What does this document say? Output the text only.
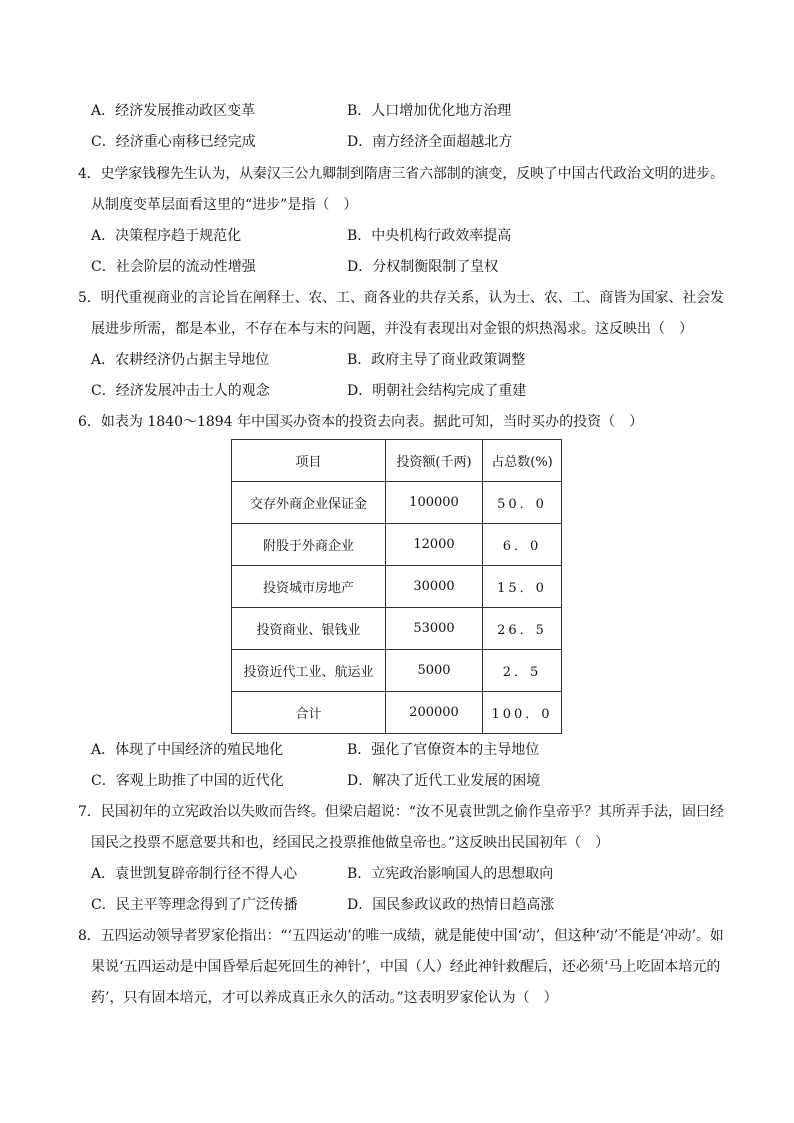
A．经济发展推动政区变革	B．人口增加优化地方治理
C．经济重心南移已经完成	D．南方经济全面超越北方
4．史学家钱穆先生认为，从秦汉三公九卿制到隋唐三省六部制的演变，反映了中国古代政治文明的进步。
从制度变革层面看这里的“进步”是指（　）
A．决策程序趋于规范化	B．中央机构行政效率提高
C．社会阶层的流动性增强	D．分权制衡限制了皇权
5．明代重视商业的言论旨在阐释士、农、工、商各业的共存关系，认为士、农、工、商皆为国家、社会发
展进步所需，都是本业，不存在本与末的问题，并没有表现出对金银的炽热渴求。这反映出（　）
A．农耕经济仍占据主导地位	B．政府主导了商业政策调整
C．经济发展冲击士人的观念	D．明朝社会结构完成了重建
6．如表为 1840～1894 年中国买办资本的投资去向表。据此可知，当时买办的投资（　）
项目	投资额(千两)	占总数(%)
交存外商企业保证金	100000	50．0
附股于外商企业	12000	6．0
投资城市房地产	30000	15．0
投资商业、银钱业	53000	26．5
投资近代工业、航运业	5000	2．5
合计	200000	100．0
A．体现了中国经济的殖民地化	B．强化了官僚资本的主导地位
C．客观上助推了中国的近代化	D．解决了近代工业发展的困境
7．民国初年的立宪政治以失败而告终。但梁启超说：“汝不见袁世凯之偷作皇帝乎？其所弄手法，固曰经
国民之投票不愿意要共和也，经国民之投票推他做皇帝也。”这反映出民国初年（　）
A．袁世凯复辟帝制行径不得人心	B．立宪政治影响国人的思想取向
C．民主平等理念得到了广泛传播	D．国民参政议政的热情日趋高涨
8．五四运动领导者罗家伦指出：“‘五四运动’的唯一成绩，就是能使中国‘动’，但这种‘动’不能是‘冲动’。如
果说‘五四运动是中国昏晕后起死回生的神针’，中国（人）经此神针救醒后，还必须‘马上吃固本培元的
药’，只有固本培元，才可以养成真正永久的活动。”这表明罗家伦认为（　）
